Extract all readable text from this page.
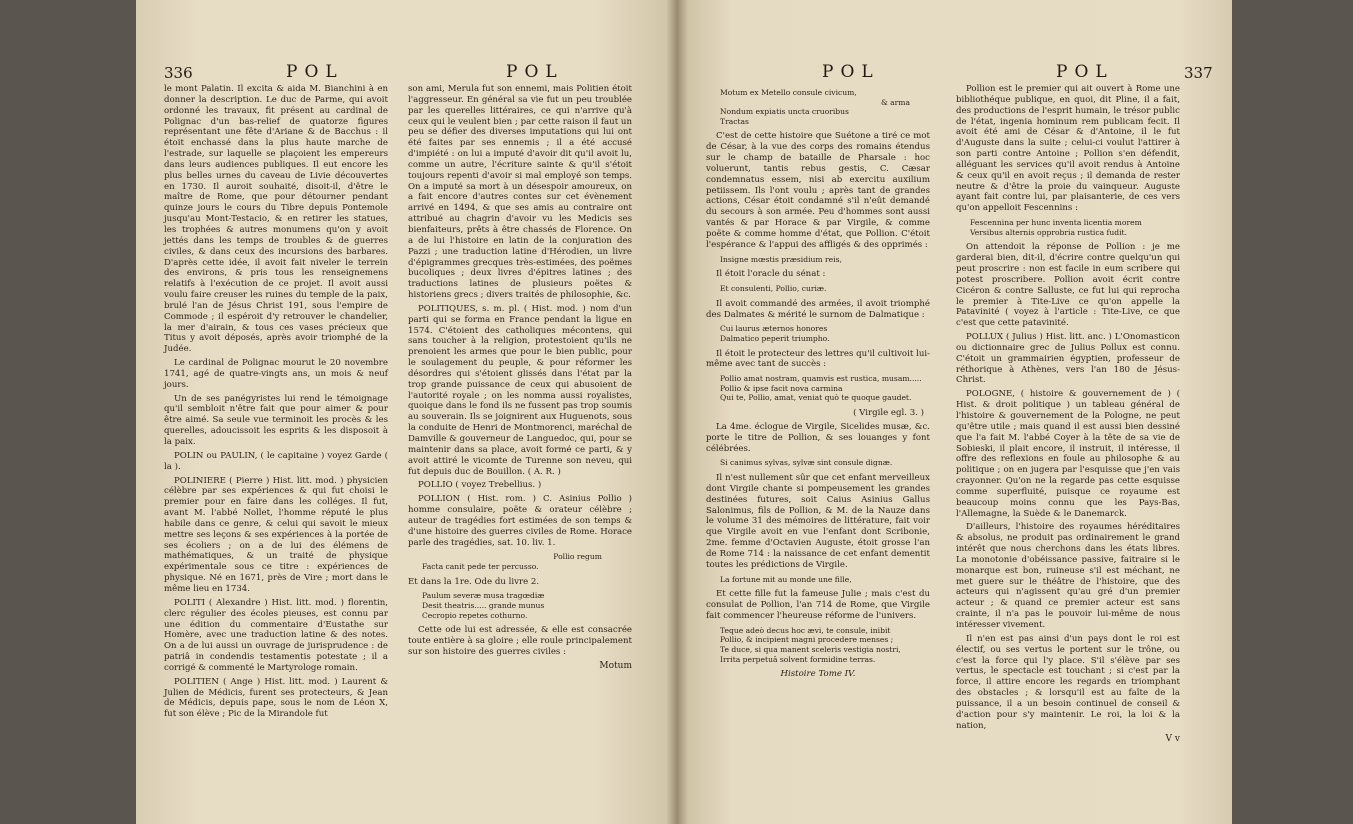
336	POL	POL

le mont Palatin. Il excita & aida M. Bianchini à en donner la description. Le duc de Parme, qui avoit ordonné les travaux, fit présent au cardinal de Polignac d'un bas-relief de quatorze figures représentant une fête d'Ariane & de Bacchus : il étoit enchassé dans la plus haute marche de l'estrade, sur laquelle se plaçoient les empereurs dans leurs audiences publiques. Il eut encore les plus belles urnes du caveau de Livie découvertes en 1730. Il auroit souhaité, disoit-il, d'être le maître de Rome, que pour détourner pendant quinze jours le cours du Tibre depuis Pontemole jusqu'au Mont-Testacio, & en retirer les statues, les trophées & autres monumens qu'on y avoit jettés dans les temps de troubles & de guerres civiles, & dans ceux des incursions des barbares. D'après cette idée, il avoit fait niveler le terrein des environs, & pris tous les renseignemens relatifs à l'exécution de ce projet. Il avoit aussi voulu faire creuser les ruines du temple de la paix, brulé l'an de Jésus Christ 191, sous l'empire de Commode ; il espéroit d'y retrouver le chandelier, la mer d'airain, & tous ces vases précieux que Titus y avoit déposés, après avoir triomphé de la Judée.

Le cardinal de Polignac mourut le 20 novembre 1741, agé de quatre-vingts ans, un mois & neuf jours.

Un de ses panégyristes lui rend le témoignage qu'il sembloit n'être fait que pour aimer & pour être aimé. Sa seule vue terminoit les procès & les querelles, adoucissoit les esprits & les disposoit à la paix.

POLIN ou PAULIN, ( le capitaine ) voyez Garde ( la ).

POLINIERE ( Pierre ) Hist. litt. mod. ) physicien célèbre par ses expériences & qui fut choisi le premier pour en faire dans les colléges. Il fut, avant M. l'abbé Nollet, l'homme réputé le plus habile dans ce genre, & celui qui savoit le mieux mettre ses leçons & ses expériences à la portée de ses écoliers ; on a de lui des élémens de mathématiques, & un traité de physique expérimentale sous ce titre : expériences de physique. Né en 1671, près de Vire ; mort dans le même lieu en 1734.

POLITI ( Alexandre ) Hist. litt. mod. ) florentin, clerc régulier des écoles pieuses, est connu par une édition du commentaire d'Eustathe sur Homère, avec une traduction latine & des notes. On a de lui aussi un ouvrage de jurisprudence : de patriâ in condendis testamentis potestate ; il a corrigé & commenté le Martyrologe romain.

POLITIEN ( Ange ) Hist. litt. mod. ) Laurent & Julien de Médicis, furent ses protecteurs, & Jean de Médicis, depuis pape, sous le nom de Léon X, fut son élève ; Pic de la Mirandole fut

son ami, Merula fut son ennemi, mais Politien étoit l'aggresseur. En général sa vie fut un peu troublée par les querelles littéraires, ce qui n'arrive qu'à ceux qui le veulent bien ; par cette raison il faut un peu se défier des diverses imputations qui lui ont été faites par ses ennemis ; il a été accusé d'impiété : on lui a imputé d'avoir dit qu'il avoit lu, comme un autre, l'écriture sainte & qu'il s'étoit toujours repenti d'avoir si mal employé son temps. On a imputé sa mort à un désespoir amoureux, on a fait encore d'autres contes sur cet évènement arrivé en 1494, & que ses amis au contraire ont attribué au chagrin d'avoir vu les Medicis ses bienfaiteurs, prêts à être chassés de Florence. On a de lui l'histoire en latin de la conjuration des Pazzi ; une traduction latine d'Hérodien, un livre d'épigrammes grecques très-estimées, des poëmes bucoliques ; deux livres d'épitres latines ; des traductions latines de plusieurs poëtes & historiens grecs ; divers traités de philosophie, &c.

POLITIQUES, s. m. pl. ( Hist. mod. ) nom d'un parti qui se forma en France pendant la ligue en 1574. C'étoient des catholiques mécontens, qui sans toucher à la religion, protestoient qu'ils ne prenoient les armes que pour le bien public, pour le soulagement du peuple, & pour réformer les désordres qui s'étoient glissés dans l'état par la trop grande puissance de ceux qui abusoient de l'autorité royale ; on les nomma aussi royalistes, quoique dans le fond ils ne fussent pas trop soumis au souverain. Ils se joignirent aux Huguenots, sous la conduite de Henri de Montmorenci, maréchal de Damville & gouverneur de Languedoc, qui, pour se maintenir dans sa place, avoit formé ce parti, & y avoit attiré le vicomte de Turenne son neveu, qui fut depuis duc de Bouillon. ( A. R. )

POLLIO ( voyez Trebellius. )

POLLION ( Hist. rom. ) C. Asinius Pollio ) homme consulaire, poëte & orateur célèbre ; auteur de tragédies fort estimées de son temps & d'une histoire des guerres civiles de Rome. Horace parle des tragédies, sat. 10. liv. 1.

Pollio regum
Facta canit pede ter percusso.

Et dans la 1re. Ode du livre 2.

Paulum severæ musa tragœdiæ
Desit theatris..... grande munus
Cecropio repetes cothurno.

Cette ode lui est adressée, & elle est consacrée toute entière à sa gloire ; elle roule principalement sur son histoire des guerres civiles :

Motum
POL	POL	337
Motum ex Metello consule civicum,
& arma
Nondum expiatis uncta cruoribus
Tractas

C'est de cette histoire que Suétone a tiré ce mot de César, à la vue des corps des romains étendus sur le champ de bataille de Pharsale : hoc voluerunt, tantis rebus gestis, C. Cæsar condemnatus essem, nisi ab exercitu auxilium petiissem. Ils l'ont voulu ; après tant de grandes actions, César étoit condamné s'il n'eût demandé du secours à son armée. Peu d'hommes sont aussi vantés & par Horace & par Virgile, & comme poëte & comme homme d'état, que Pollion. C'étoit l'espérance & l'appui des affligés & des opprimés :

Insigne mœstis præsidium reis,

Il étoit l'oracle du sénat :

Et consulenti, Pollio, curiæ.

Il avoit commandé des armées, il avoit triomphé des Dalmates & mérité le surnom de Dalmatique :

Cui laurus æternos honores
Dalmatico peperit triumpho.

Il étoit le protecteur des lettres qu'il cultivoit lui-même avec tant de succès :

Pollio amat nostram, quamvis est rustica, musam.....
Pollio & ipse facit nova carmina
Qui te, Pollio, amat, veniat quò te quoque gaudet.
( Virgile egl. 3. )

La 4me. éclogue de Virgile, Sicelides musæ, &c. porte le titre de Pollion, & ses louanges y font célébrées.

Si canimus sylvas, sylvæ sint consule dignæ.

Il n'est nullement sûr que cet enfant merveilleux dont Virgile chante si pompeusement les grandes destinées futures, soit Caius Asinius Gallus Salonimus, fils de Pollion, & M. de la Nauze dans le volume 31 des mémoires de littérature, fait voir que Virgile avoit en vue l'enfant dont Scribonie, 2me. femme d'Octavien Auguste, étoit grosse l'an de Rome 714 : la naissance de cet enfant dementit toutes les prédictions de Virgile.

La fortune mit au monde une fille,

Et cette fille fut la fameuse Julie ; mais c'est du consulat de Pollion, l'an 714 de Rome, que Virgile fait commencer l'heureuse réforme de l'univers.

Teque adeò decus hoc ævi, te consule, inibit
Pollio, & incipient magni procedere menses ;
Te duce, si qua manent sceleris vestigia nostri,
Irrita perpetuâ solvent formidine terras.
Histoire Tome IV.

Pollion est le premier qui ait ouvert à Rome une bibliothéque publique, en quoi, dit Pline, il a fait, des productions de l'esprit humain, le trésor public de l'état, ingenia hominum rem publicam fecit. Il avoit été ami de César & d'Antoine, il le fut d'Auguste dans la suite ; celui-ci voulut l'attirer à son parti contre Antoine ; Pollion s'en défendit, alléguant les services qu'il avoit rendus à Antoine & ceux qu'il en avoit reçus ; il demanda de rester neutre & d'être la proie du vainqueur. Auguste ayant fait contre lui, par plaisanterie, de ces vers qu'on appelloit Fescennins :

Fescennina per hunc inventa licentia morem
Versibus alternis opprobria rustica fudit.

On attendoit la réponse de Pollion : je me garderai bien, dit-il, d'écrire contre quelqu'un qui peut proscrire : non est facile in eum scribere qui potest proscribere. Pollion avoit écrit contre Cicéron & contre Salluste, ce fut lui qui reprocha le premier à Tite-Live ce qu'on appelle la Patavinité ( voyez à l'article : Tite-Live, ce que c'est que cette patavinité.

POLLUX ( Julius ) Hist. litt. anc. ) L'Onomasticon ou dictionnaire grec de Julius Pollux est connu. C'étoit un grammairien égyptien, professeur de réthorique à Athènes, vers l'an 180 de Jésus-Christ.

POLOGNE, ( histoire & gouvernement de ) ( Hist. & droit politique ) un tableau général de l'histoire & gouvernement de la Pologne, ne peut qu'être utile ; mais quand il est aussi bien dessiné que l'a fait M. l'abbé Coyer à la tête de sa vie de Sobieski, il plait encore, il instruit, il intéresse, il offre des reflexions en foule au philosophe & au politique ; on en jugera par l'esquisse que j'en vais crayonner. Qu'on ne la regarde pas cette esquisse comme superfluité, puisque ce royaume est beaucoup moins connu que les Pays-Bas, l'Allemagne, la Suède & le Danemarck.

D'ailleurs, l'histoire des royaumes héréditaires & absolus, ne produit pas ordinairement le grand intérêt que nous cherchons dans les états libres. La monotonie d'obéissance passive, faitraire si le monarque est bon, ruineuse s'il est méchant, ne met guere sur le théâtre de l'histoire, que des acteurs qui n'agissent qu'au gré d'un premier acteur ; & quand ce premier acteur est sans crainte, il n'a pas le pouvoir lui-même de nous intéresser vivement.

Il n'en est pas ainsi d'un pays dont le roi est électif, ou ses vertus le portent sur le trône, ou c'est la force qui l'y place. S'il s'élève par ses vertus, le spectacle est touchant ; si c'est par la force, il attire encore les regards en triomphant des obstacles ; & lorsqu'il est au faîte de la puissance, il a un besoin continuel de conseil & d'action pour s'y maintenir. Le roi, la loi & la nation,

V v
